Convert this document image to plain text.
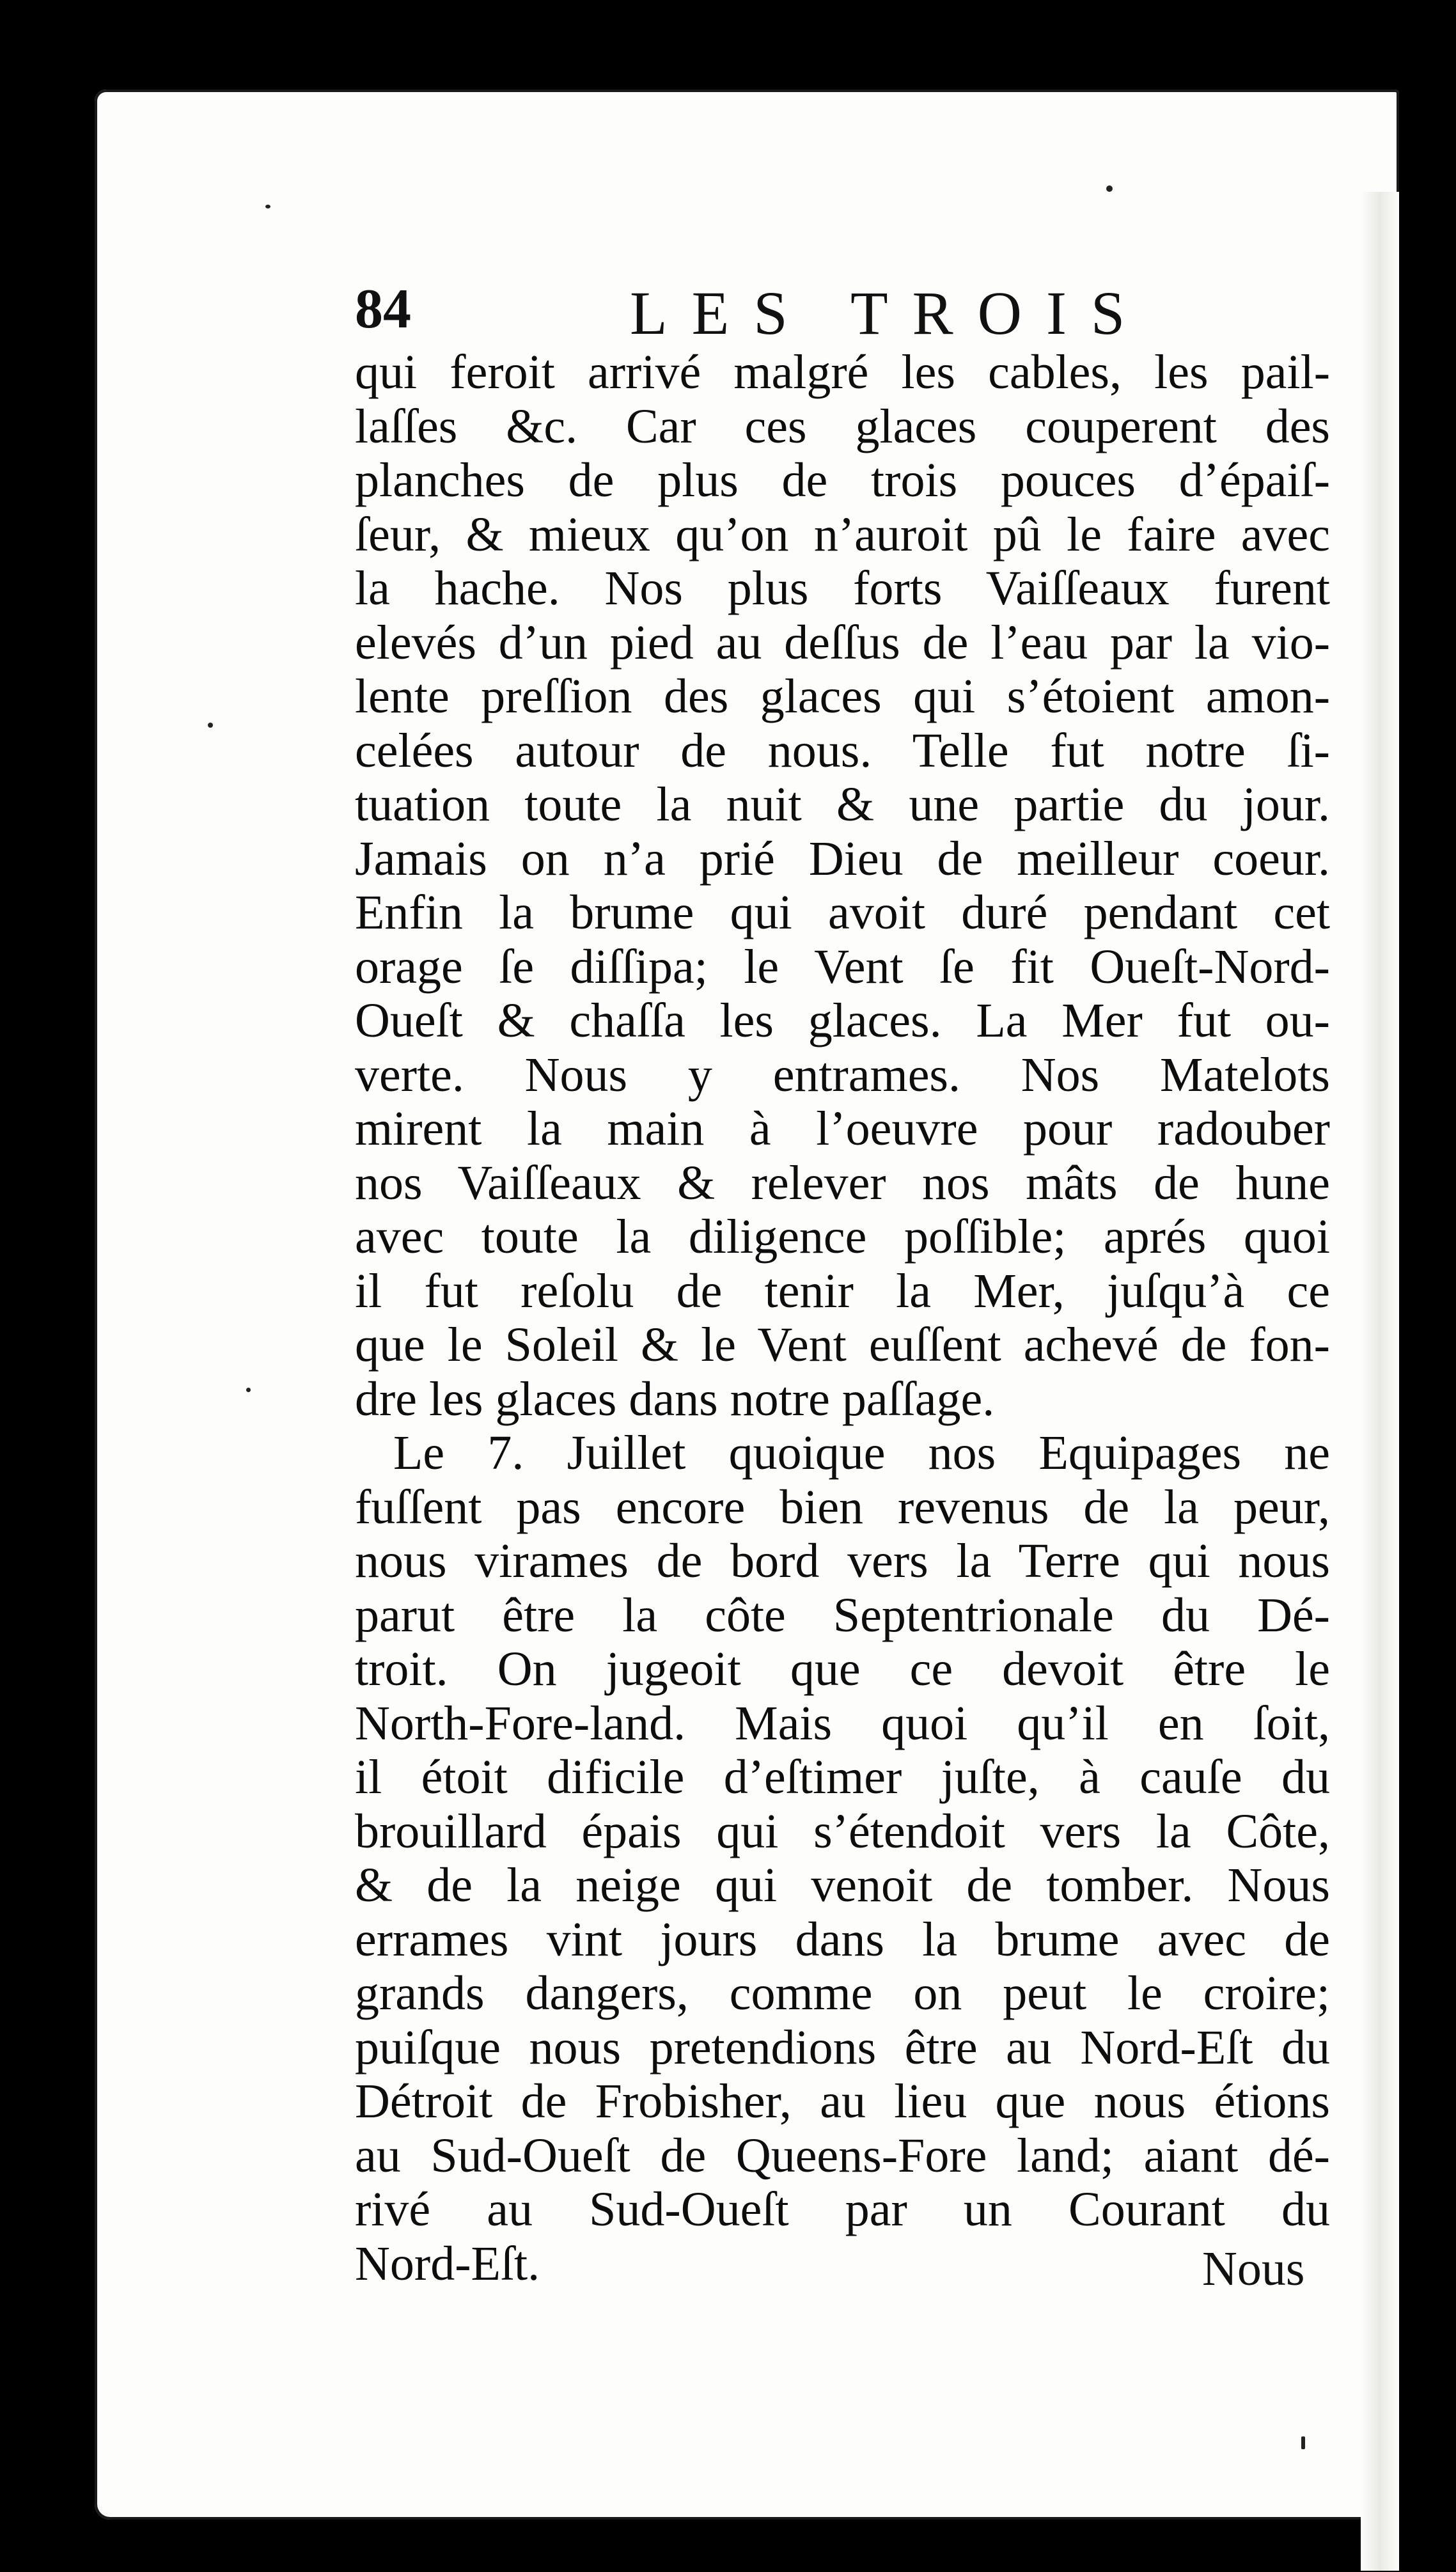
84	LES TROIS
qui feroit arrivé malgré les cables, les pail-
laſſes &c. Car ces glaces couperent des
planches de plus de trois pouces d’épaiſ-
ſeur, & mieux qu’on n’auroit pû le faire avec
la hache. Nos plus forts Vaiſſeaux furent
elevés d’un pied au deſſus de l’eau par la vio-
lente preſſion des glaces qui s’étoient amon-
celées autour de nous. Telle fut notre ſi-
tuation toute la nuit & une partie du jour.
Jamais on n’a prié Dieu de meilleur coeur.
Enfin la brume qui avoit duré pendant cet
orage ſe diſſipa; le Vent ſe fit Oueſt-Nord-
Oueſt & chaſſa les glaces. La Mer fut ou-
verte. Nous y entrames. Nos Matelots
mirent la main à l’oeuvre pour radouber
nos Vaiſſeaux & relever nos mâts de hune
avec toute la diligence poſſible; aprés quoi
il fut reſolu de tenir la Mer, juſqu’à ce
que le Soleil & le Vent euſſent achevé de fon-
dre les glaces dans notre paſſage.
Le 7. Juillet quoique nos Equipages ne
fuſſent pas encore bien revenus de la peur,
nous virames de bord vers la Terre qui nous
parut être la côte Septentrionale du Dé-
troit. On jugeoit que ce devoit être le
North-Fore-land. Mais quoi qu’il en ſoit,
il étoit dificile d’eſtimer juſte, à cauſe du
brouillard épais qui s’étendoit vers la Côte,
& de la neige qui venoit de tomber. Nous
errames vint jours dans la brume avec de
grands dangers, comme on peut le croire;
puiſque nous pretendions être au Nord-Eſt du
Détroit de Frobisher, au lieu que nous étions
au Sud-Oueſt de Queens-Fore land; aiant dé-
rivé au Sud-Oueſt par un Courant du
Nord-Eſt.	Nous
